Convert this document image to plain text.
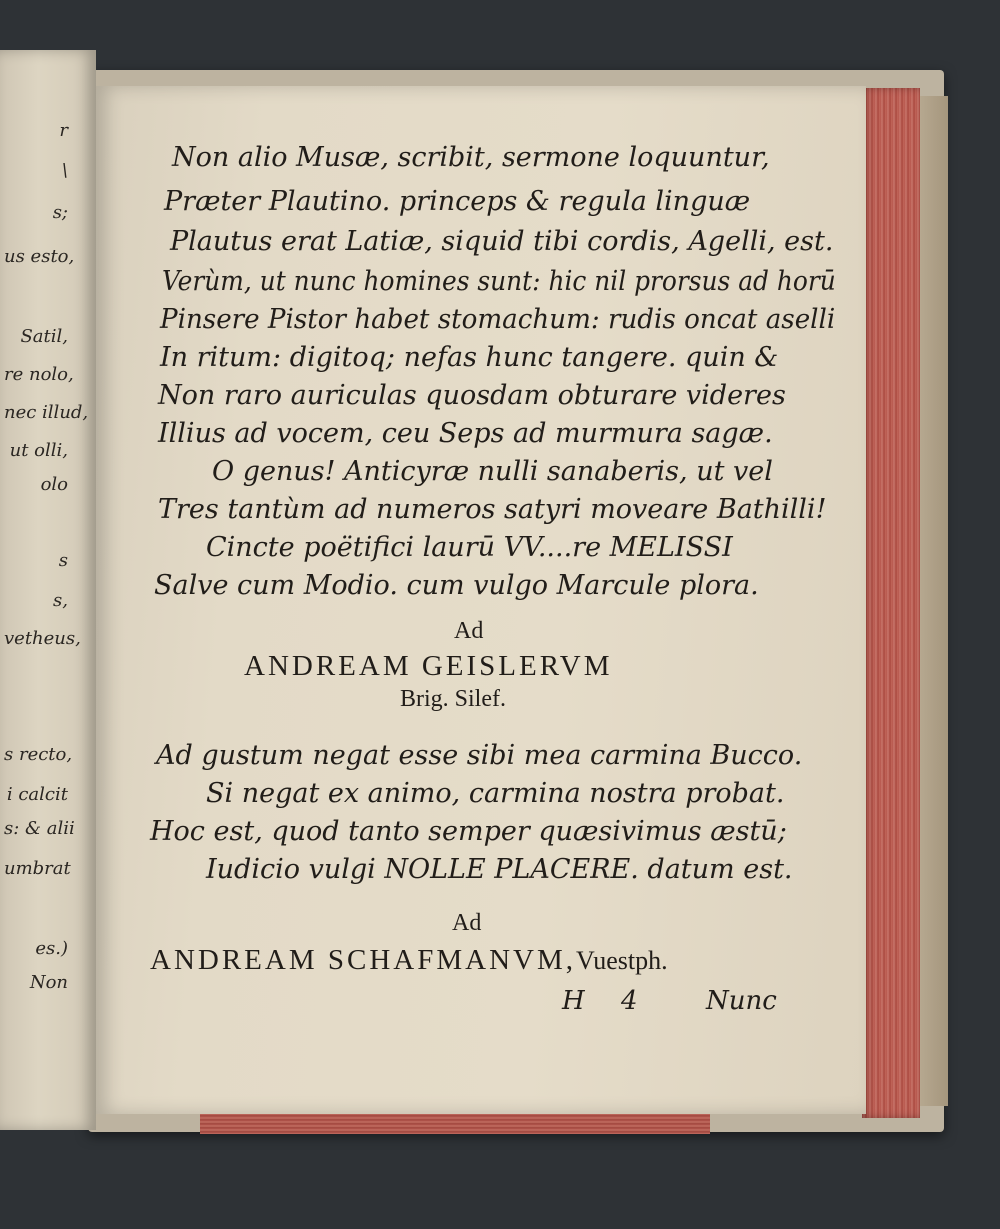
r
\
s;
us esto,
Satil,
re nolo,
nec illud,
ut olli,
olo
s
s,
vetheus,
s recto,
i calcit
s: & alii
umbrat
es.)
Non
Non alio Musæ, scribit, sermone loquuntur,
Præter Plautino. princeps & regula linguæ
Plautus erat Latiæ, siquid tibi cordis, Agelli, est.
Verùm, ut nunc homines sunt: hic nil prorsus ad horū
Pinsere Pistor habet stomachum: rudis oncat aselli
In ritum: digitoq; nefas hunc tangere. quin &
Non raro auriculas quosdam obturare videres
Illius ad vocem, ceu Seps ad murmura sagæ.
O genus! Anticyræ nulli sanaberis, ut vel
Tres tantùm ad numeros satyri moveare Bathilli!
Cincte poëtifici laurū VV....re MELISSI
Salve cum Modio. cum vulgo Marcule plora.
Ad
ANDREAM GEISLERVM
Brig. Silef.
Ad gustum negat esse sibi mea carmina Bucco.
Si negat ex animo, carmina nostra probat.
Hoc est, quod tanto semper quæsivimus æstū;
Iudicio vulgi NOLLE PLACERE. datum est.
Ad
ANDREAM SCHAFMANVM,Vuestph.
H 4	Nunc
